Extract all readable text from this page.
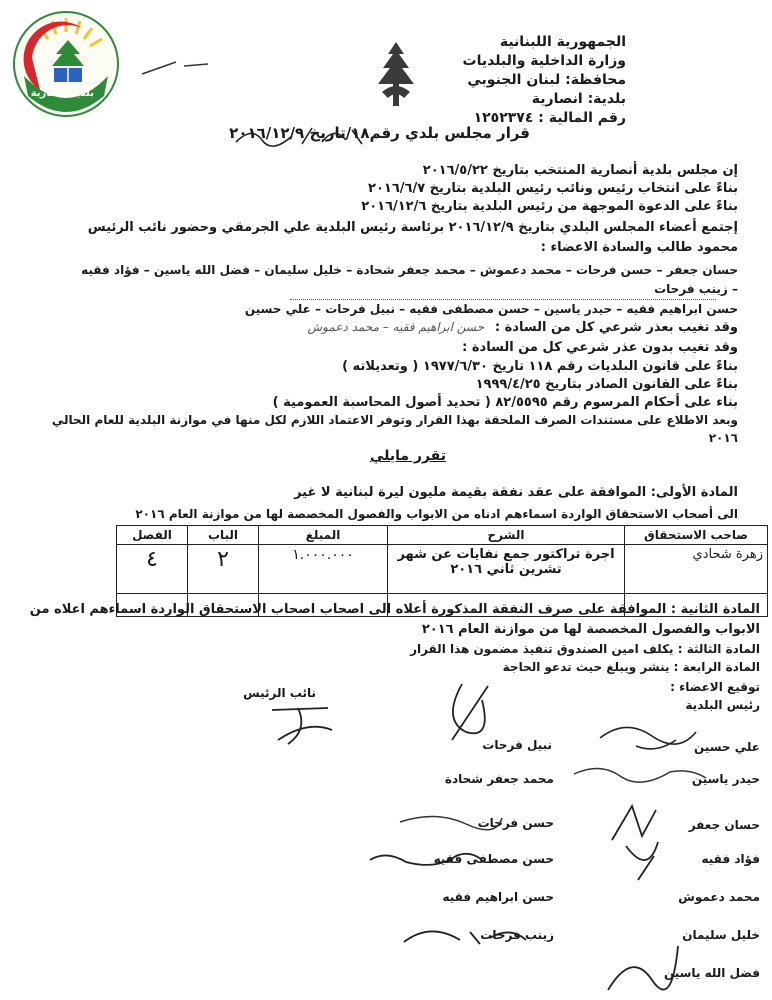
بلدية أنصارية
الجمهورية اللبنانية
وزارة الداخلية والبلديات
محافظة: لبنان الجنوبي
بلدية: انصارية
رقم المالية : ١٢٥٢٣٧٤
قرار مجلس بلدي رقم١٨/تاريخ ٢٠١٦/١٢/٩
إن مجلس بلدية أنصارية المنتخب بتاريخ ٢٠١٦/٥/٢٢
بناءً على انتخاب رئيس ونائب رئيس البلدية بتاريخ ٢٠١٦/٦/٧
بناءً على الدعوة الموجهة من رئيس البلدية بتاريخ ٢٠١٦/١٢/٦
إجتمع أعضاء المجلس البلدي بتاريخ ٢٠١٦/١٢/٩ برئاسة رئيس البلدية علي الجرمقي وحضور نائب الرئيس
محمود طالب والسادة الاعضاء :
حسان جعفر – حسن فرحات – محمد دعموش – محمد جعفر شحادة – خليل سليمان – فضل الله ياسين – فؤاد فقيه
– زينب فرحات
حسن ابراهيم فقيه – حيدر ياسين – حسن مصطفى فقيه – نبيل فرحات – علي حسين
وقد تغيب بعذر شرعي كل من السادة :
حسن ابراهيم فقيه – محمد دعموش
وقد تغيب بدون عذر شرعي كل من السادة :
بناءً على قانون البلديات رقم ١١٨ تاريخ ١٩٧٧/٦/٣٠ ( وتعديلاته )
بناءً على القانون الصادر بتاريخ ١٩٩٩/٤/٢٥
بناء على أحكام المرسوم رقم ٨٢/٥٥٩٥ ( تحديد أصول المحاسبة العمومية )
وبعد الاطلاع على مستندات الصرف الملحقة بهذا القرار وتوفر الاعتماد اللازم لكل منها في موازنة البلدية للعام الحالي
٢٠١٦
تقرر مايلي
المادة الأولى: الموافقة على عقد نفقة بقيمة مليون ليرة لبنانية لا غير
الى أصحاب الاستحقاق الواردة اسماءهم ادناه من الابواب والفصول المخصصة لها من موازنة العام ٢٠١٦
الفصل	الباب	المبلغ	الشرح	صاحب الاستحقاق
٤	٢	١.٠٠٠.٠٠٠	اجرة تراكتور جمع نفايات عن شهر تشرين ثاني ٢٠١٦	زهرة شحادي

المادة الثانية : الموافقة على صرف النفقة المذكورة أعلاه الى اصحاب اصحاب الاستحقاق الواردة اسماءهم اعلاه من
الابواب والفصول المخصصة لها من موازنة العام ٢٠١٦
المادة الثالثة : يكلف امين الصندوق تنفيذ مضمون هذا القرار
المادة الرابعة : ينشر ويبلغ حيث تدعو الحاجة
توقيع الاعضاء :
رئيس البلدية
نائب الرئيس
علي حسين
حيدر ياسين
حسان جعفر
فؤاد فقيه
محمد دعموش
خليل سليمان
فضل الله ياسين
نبيل فرحات
محمد جعفر شحادة
حسن فرحات
حسن مصطفى فقيه
حسن ابراهيم فقيه
زينب فرحات
